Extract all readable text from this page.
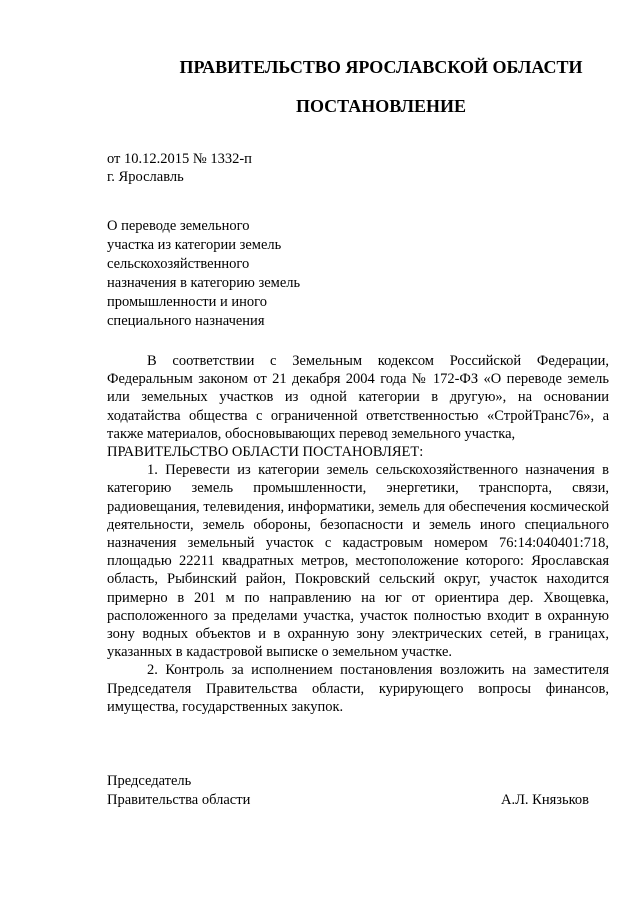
ПРАВИТЕЛЬСТВО ЯРОСЛАВСКОЙ ОБЛАСТИ
ПОСТАНОВЛЕНИЕ
от 10.12.2015 № 1332-п
г. Ярославль
О переводе земельного
участка из категории земель
сельскохозяйственного
назначения в категорию земель
промышленности и иного
специального назначения

В соответствии с Земельным кодексом Российской Федерации, Федеральным законом от 21 декабря 2004 года № 172-ФЗ «О переводе земель или земельных участков из одной категории в другую», на основании ходатайства общества с ограниченной ответственностью «СтройТранс76», а также материалов, обосновывающих перевод земельного участка,

ПРАВИТЕЛЬСТВО ОБЛАСТИ ПОСТАНОВЛЯЕТ:

1. Перевести из категории земель сельскохозяйственного назначения в категорию земель промышленности, энергетики, транспорта, связи, радиовещания, телевидения, информатики, земель для обеспечения космической деятельности, земель обороны, безопасности и земель иного специального назначения земельный участок с кадастровым номером 76:14:040401:718, площадью 22211 квадратных метров, местоположение которого: Ярославская область, Рыбинский район, Покровский сельский округ, участок находится примерно в 201 м по направлению на юг от ориентира дер. Хвощевка, расположенного за пределами участка, участок полностью входит в охранную зону водных объектов и в охранную зону электрических сетей, в границах, указанных в кадастровой выписке о земельном участке.

2. Контроль за исполнением постановления возложить на заместителя Председателя Правительства области, курирующего вопросы финансов, имущества, государственных закупок.

Председатель
Правительства области	А.Л. Князьков
